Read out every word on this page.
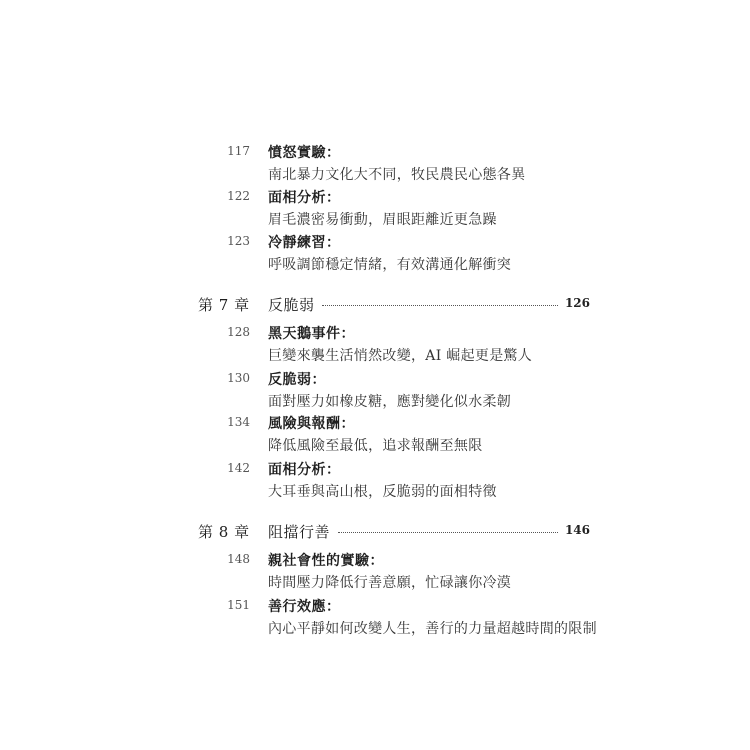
117 憤怒實驗：
南北暴力文化大不同，牧民農民心態各異
122 面相分析：
眉毛濃密易衝動，眉眼距離近更急躁
123 冷靜練習：
呼吸調節穩定情緒，有效溝通化解衝突
第 7 章 反脆弱	126
128 黑天鵝事件：
巨變來襲生活悄然改變，AI 崛起更是驚人
130 反脆弱：
面對壓力如橡皮糖，應對變化似水柔韌
134 風險與報酬：
降低風險至最低，追求報酬至無限
142 面相分析：
大耳垂與高山根，反脆弱的面相特徵
第 8 章 阻擋行善	146
148 親社會性的實驗：
時間壓力降低行善意願，忙碌讓你冷漠
151 善行效應：
內心平靜如何改變人生，善行的力量超越時間的限制
